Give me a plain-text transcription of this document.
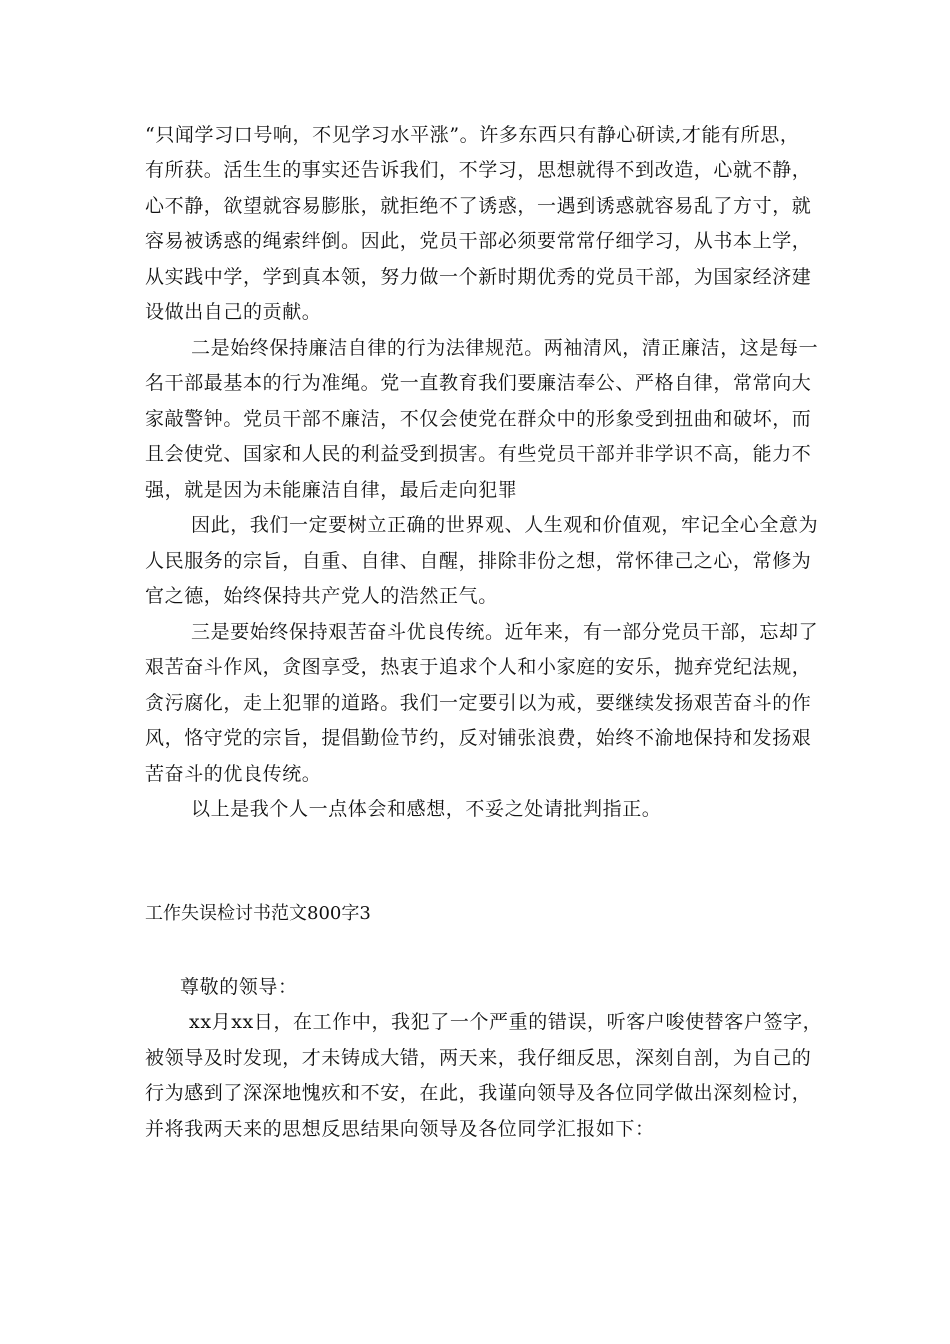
“只闻学习口号响，不见学习水平涨”。许多东西只有静心研读,才能有所思，
有所获。活生生的事实还告诉我们，不学习，思想就得不到改造，心就不静，
心不静，欲望就容易膨胀，就拒绝不了诱惑，一遇到诱惑就容易乱了方寸，就
容易被诱惑的绳索绊倒。因此，党员干部必须要常常仔细学习，从书本上学，
从实践中学，学到真本领，努力做一个新时期优秀的党员干部，为国家经济建
设做出自己的贡献。
二是始终保持廉洁自律的行为法律规范。两袖清风，清正廉洁，这是每一
名干部最基本的行为准绳。党一直教育我们要廉洁奉公、严格自律，常常向大
家敲警钟。党员干部不廉洁，不仅会使党在群众中的形象受到扭曲和破坏，而
且会使党、国家和人民的利益受到损害。有些党员干部并非学识不高，能力不
强，就是因为未能廉洁自律，最后走向犯罪
因此，我们一定要树立正确的世界观、人生观和价值观，牢记全心全意为
人民服务的宗旨，自重、自律、自醒，排除非份之想，常怀律己之心，常修为
官之德，始终保持共产党人的浩然正气。
三是要始终保持艰苦奋斗优良传统。近年来，有一部分党员干部，忘却了
艰苦奋斗作风，贪图享受，热衷于追求个人和小家庭的安乐，抛弃党纪法规，
贪污腐化，走上犯罪的道路。我们一定要引以为戒，要继续发扬艰苦奋斗的作
风，恪守党的宗旨，提倡勤俭节约，反对铺张浪费，始终不渝地保持和发扬艰
苦奋斗的优良传统。
以上是我个人一点体会和感想，不妥之处请批判指正。
工作失误检讨书范文800字3
尊敬的领导：
xx月xx日，在工作中，我犯了一个严重的错误，听客户唆使替客户签字，
被领导及时发现，才未铸成大错，两天来，我仔细反思，深刻自剖，为自己的
行为感到了深深地愧疚和不安，在此，我谨向领导及各位同学做出深刻检讨，
并将我两天来的思想反思结果向领导及各位同学汇报如下：
